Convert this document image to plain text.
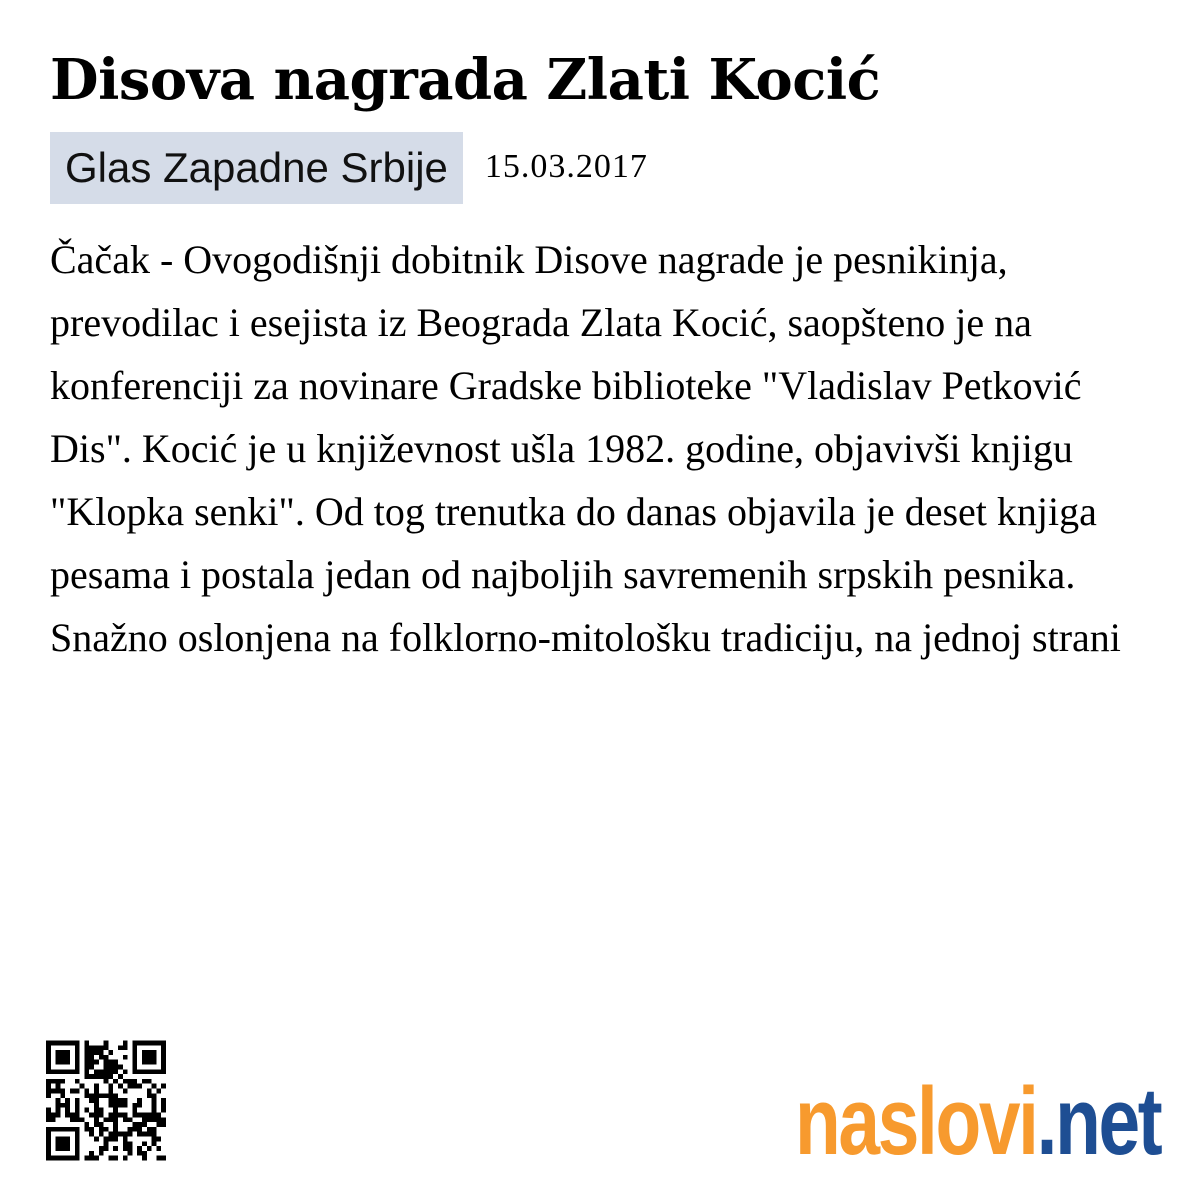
Disova nagrada Zlati Kocić
Glas Zapadne Srbije	15.03.2017

Čačak - Ovogodišnji dobitnik Disove nagrade je pesnikinja, prevodilac i esejista iz Beograda Zlata Kocić, saopšteno je na konferenciji za novinare Gradske biblioteke "Vladislav Petković Dis". Kocić je u književnost ušla 1982. godine, objavivši knjigu "Klopka senki". Od tog trenutka do danas objavila je deset knjiga pesama i postala jedan od najboljih savremenih srpskih pesnika. Snažno oslonjena na folklorno-mitološku tradiciju, na jednoj strani

naslovi .net
